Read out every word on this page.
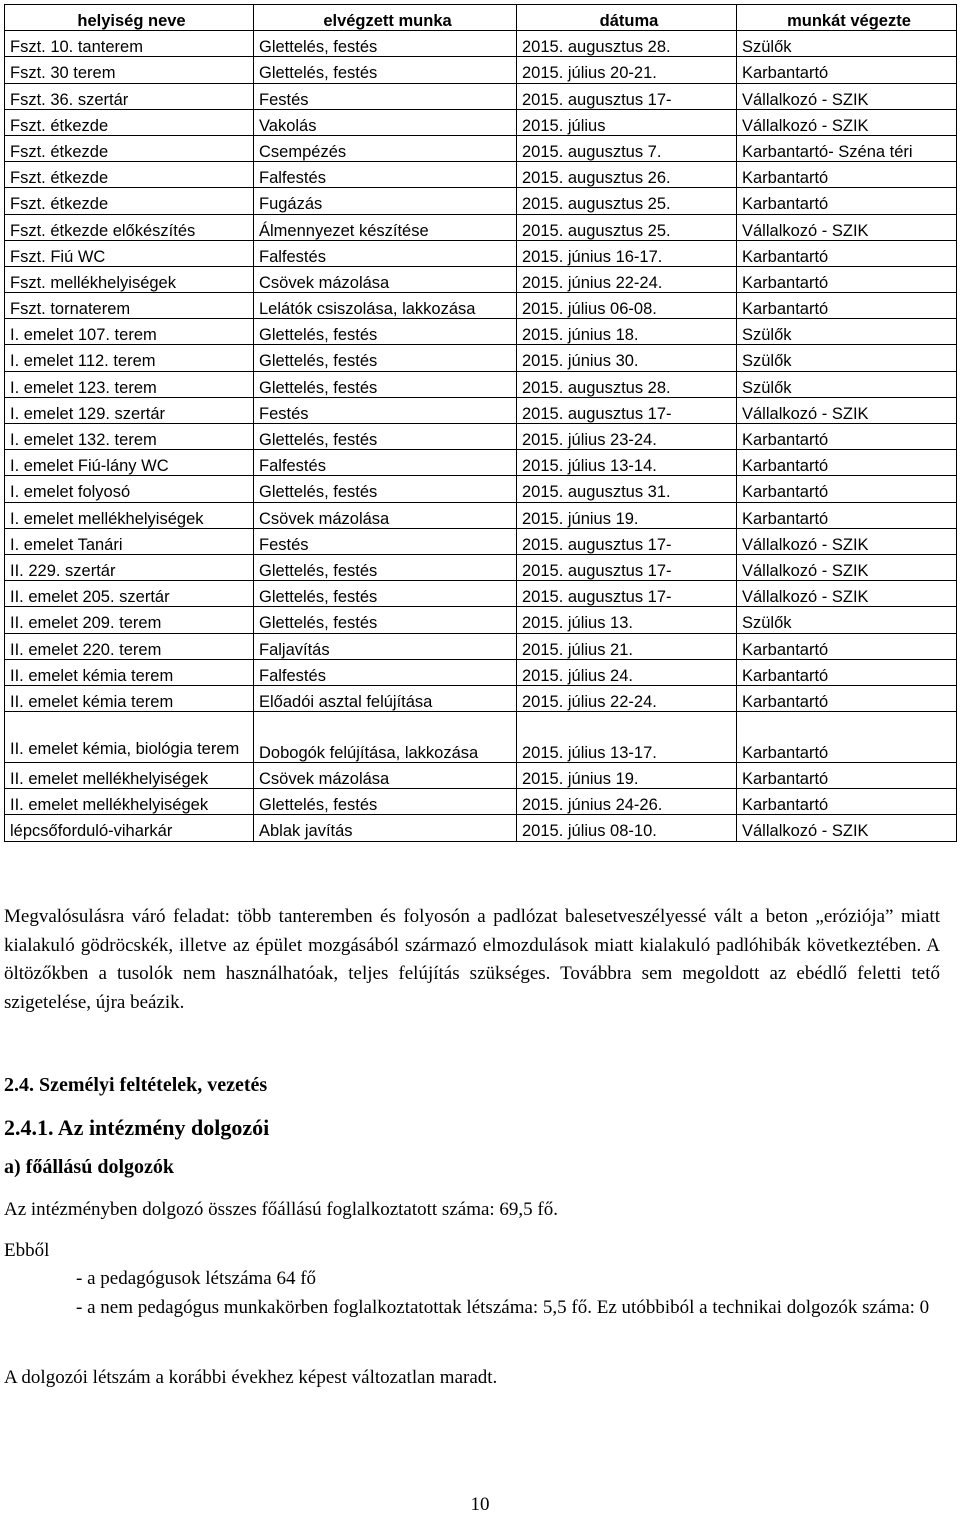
helyiség neve	elvégzett munka	dátuma	munkát végezte
Fszt. 10. tanterem	Glettelés, festés	2015. augusztus 28.	Szülők
Fszt. 30 terem	Glettelés, festés	2015. július 20-21.	Karbantartó
Fszt. 36. szertár	Festés	2015. augusztus 17-	Vállalkozó - SZIK
Fszt. étkezde	Vakolás	2015. július	Vállalkozó - SZIK
Fszt. étkezde	Csempézés	2015. augusztus 7.	Karbantartó- Széna téri
Fszt. étkezde	Falfestés	2015. augusztus 26.	Karbantartó
Fszt. étkezde	Fugázás	2015. augusztus 25.	Karbantartó
Fszt. étkezde előkészítés	Álmennyezet készítése	2015. augusztus 25.	Vállalkozó - SZIK
Fszt. Fiú WC	Falfestés	2015. június 16-17.	Karbantartó
Fszt. mellékhelyiségek	Csövek mázolása	2015. június 22-24.	Karbantartó
Fszt. tornaterem	Lelátók csiszolása, lakkozása	2015. július 06-08.	Karbantartó
I. emelet 107. terem	Glettelés, festés	2015. június 18.	Szülők
I. emelet 112. terem	Glettelés, festés	2015. június 30.	Szülők
I. emelet 123. terem	Glettelés, festés	2015. augusztus 28.	Szülők
I. emelet 129. szertár	Festés	2015. augusztus 17-	Vállalkozó - SZIK
I. emelet 132. terem	Glettelés, festés	2015. július 23-24.	Karbantartó
I. emelet Fiú-lány WC	Falfestés	2015. július 13-14.	Karbantartó
I. emelet folyosó	Glettelés, festés	2015. augusztus 31.	Karbantartó
I. emelet mellékhelyiségek	Csövek mázolása	2015. június 19.	Karbantartó
I. emelet Tanári	Festés	2015. augusztus 17-	Vállalkozó - SZIK
II. 229. szertár	Glettelés, festés	2015. augusztus 17-	Vállalkozó - SZIK
II. emelet 205. szertár	Glettelés, festés	2015. augusztus 17-	Vállalkozó - SZIK
II. emelet 209. terem	Glettelés, festés	2015. július 13.	Szülők
II. emelet 220. terem	Faljavítás	2015. július 21.	Karbantartó
II. emelet kémia terem	Falfestés	2015. július 24.	Karbantartó
II. emelet kémia terem	Előadói asztal felújítása	2015. július 22-24.	Karbantartó
II. emelet kémia, biológia terem	Dobogók felújítása, lakkozása	2015. július 13-17.	Karbantartó
II. emelet mellékhelyiségek	Csövek mázolása	2015. június 19.	Karbantartó
II. emelet mellékhelyiségek	Glettelés, festés	2015. június 24-26.	Karbantartó
lépcsőforduló-viharkár	Ablak javítás	2015. július 08-10.	Vállalkozó - SZIK
Megvalósulásra váró feladat: több tanteremben és folyosón a padlózat balesetveszélyessé vált a beton „eróziója” miatt kialakuló gödröcskék, illetve az épület mozgásából származó elmozdulások miatt kialakuló padlóhibák következtében. A öltözőkben a tusolók nem használhatóak, teljes felújítás szükséges. Továbbra sem megoldott az ebédlő feletti tető szigetelése, újra beázik.
2.4. Személyi feltételek, vezetés
2.4.1. Az intézmény dolgozói
a) főállású dolgozók
Az intézményben dolgozó összes főállású foglalkoztatott száma: 69,5 fő.
Ebből
- a pedagógusok létszáma 64 fő
- a nem pedagógus munkakörben foglalkoztatottak létszáma: 5,5 fő. Ez utóbbiból a technikai dolgozók száma: 0
A dolgozói létszám a korábbi évekhez képest változatlan maradt.
10
